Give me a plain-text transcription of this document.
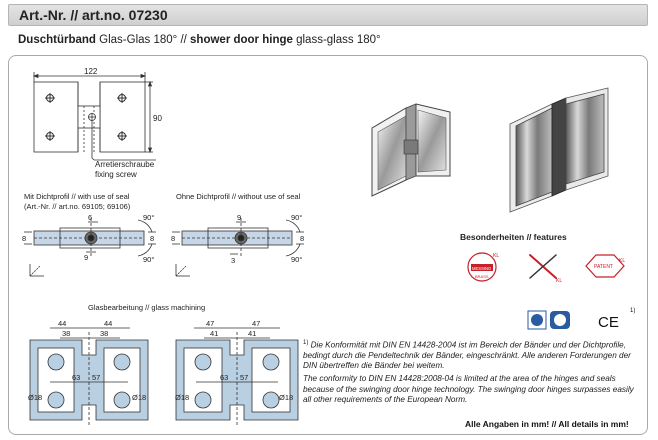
Art.-Nr. // art.no. 07230
Duschtürband Glas-Glas 180° // shower door hinge glass-glass 180°
122
90
Arretierschraube
fixing screw
Mit Dichtprofil // with use of seal
(Art.-Nr. // art.no. 69105; 69106)
Ohne Dichtprofil // without use of seal
6
8	8
9
90°
90°
9
8	8
3
90°
90°
Glasbearbeitung // glass machining
44
38
44
38
63 57
Ø18	Ø18
47
41
47
41
63 57
Ø18	Ø18
Besonderheiten // features
MESSING
BRASS
KL
KL
PATENT
KL
CE
1)

$^{1)}$ Die Konformität mit DIN EN 14428-2004 ist im Bereich der Bänder und der Dichtprofile, bedingt durch die Pendeltechnik der Bänder, eingeschränkt. Alle anderen Forderungen der DIN übertreffen die Bänder bei weitem.

The conformity to DIN EN 14428:2008-04 is limited at the area of the hinges and seals because of the swinging door hinge technology. The swinging door hinges surpasses easily all other requirements of the European Norm.

Alle Angaben in mm! // All details in mm!
